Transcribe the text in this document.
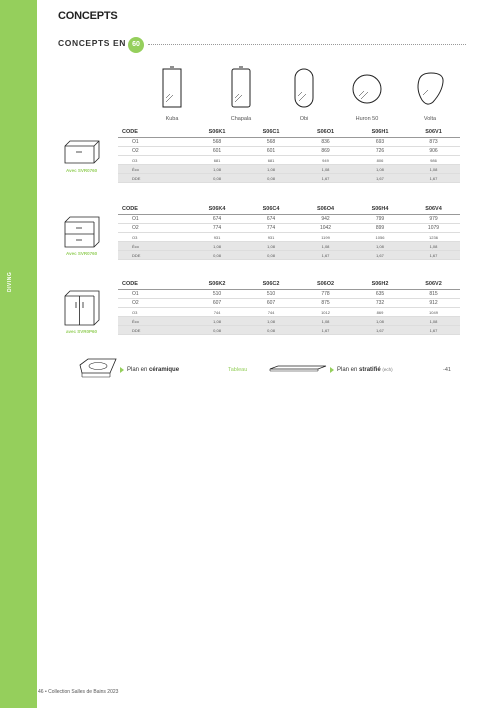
DIVING
CONCEPTS
CONCEPTS EN 60
Kuba	Chapala	Obi	Huron 50	Volta
Avec SVR0760
Avec SVR0760
avec SVR0P60
CODE	S06K1	S06C1	S06O1	S06H1	S06V1
O1	568	568	836	693	873
O2	601	601	869	726	906
O3	681	681	949	806	986
Éco	1,08	1,08	1,08	1,08	1,08
DDE	0,08	0,08	1,67	1,67	1,67
CODE	S06K4	S06C4	S06O4	S06H4	S06V4
O1	674	674	942	799	979
O2	774	774	1042	899	1079
O3	931	931	1199	1056	1236
Éco	1,08	1,08	1,08	1,08	1,08
DDE	0,08	0,08	1,67	1,67	1,67
CODE	S06K2	S06C2	S06O2	S06H2	S06V2
O1	510	510	778	635	815
O2	607	607	875	732	912
O3	744	744	1012	869	1049
Éco	1,08	1,08	1,08	1,08	1,08
DDE	0,08	0,08	1,67	1,67	1,67
Plan en céramique	Tableau	Plan en stratifié (ech)	-41
46 • Collection Salles de Bains 2023
